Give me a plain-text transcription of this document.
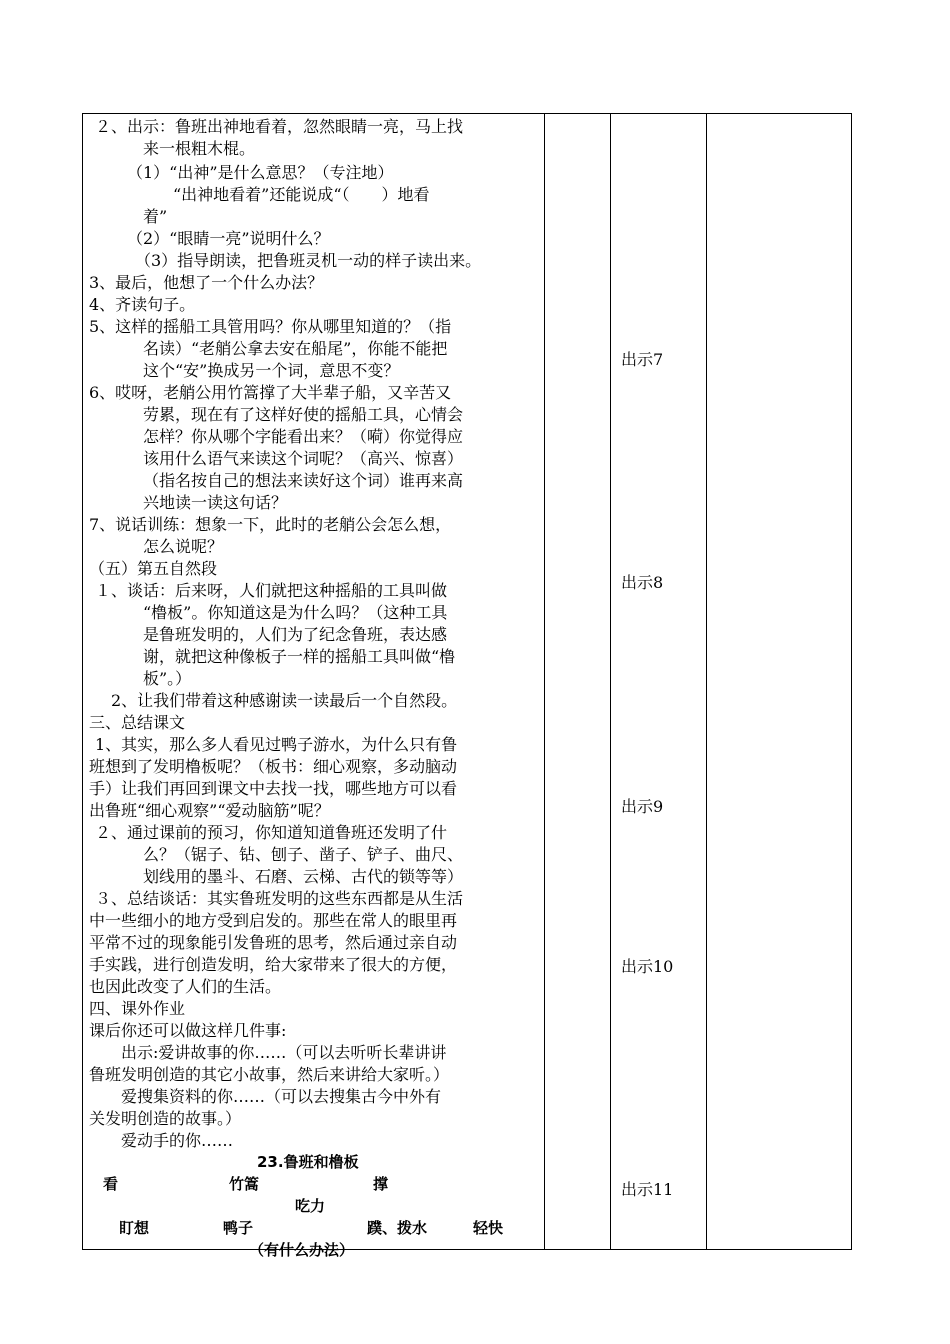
２、出示：鲁班出神地看着，忽然眼睛一亮，马上找
来一根粗木棍。
（1）“出神”是什么意思？（专注地）
“出神地看着”还能说成“（　　）地看
着”
（2）“眼睛一亮”说明什么？
（3）指导朗读，把鲁班灵机一动的样子读出来。
3、最后，他想了一个什么办法？
4、齐读句子。
5、这样的摇船工具管用吗？你从哪里知道的？（指
名读）“老艄公拿去安在船尾”，你能不能把
这个“安”换成另一个词，意思不变？
6、哎呀，老艄公用竹篙撑了大半辈子船，又辛苦又
劳累，现在有了这样好使的摇船工具，心情会
怎样？你从哪个字能看出来？（嗬）你觉得应
该用什么语气来读这个词呢？（高兴、惊喜）
（指名按自己的想法来读好这个词）谁再来高
兴地读一读这句话？
7、说话训练：想象一下，此时的老艄公会怎么想，
怎么说呢？
（五）第五自然段
１、谈话：后来呀，人们就把这种摇船的工具叫做
“橹板”。你知道这是为什么吗？（这种工具
是鲁班发明的，人们为了纪念鲁班，表达感
谢，就把这种像板子一样的摇船工具叫做“橹
板”。）
2、让我们带着这种感谢读一读最后一个自然段。
三、总结课文
1、其实，那么多人看见过鸭子游水，为什么只有鲁
班想到了发明橹板呢？（板书：细心观察，多动脑动
手）让我们再回到课文中去找一找，哪些地方可以看
出鲁班“细心观察”“爱动脑筋”呢？
２、通过课前的预习，你知道知道鲁班还发明了什
么？（锯子、钻、刨子、凿子、铲子、曲尺、
划线用的墨斗、石磨、云梯、古代的锁等等）
３、总结谈话：其实鲁班发明的这些东西都是从生活
中一些细小的地方受到启发的。那些在常人的眼里再
平常不过的现象能引发鲁班的思考，然后通过亲自动
手实践，进行创造发明，给大家带来了很大的方便，
也因此改变了人们的生活。
四、课外作业
课后你还可以做这样几件事:
出示:爱讲故事的你……（可以去听听长辈讲讲
鲁班发明创造的其它小故事，然后来讲给大家听。）
爱搜集资料的你……（可以去搜集古今中外有
关发明创造的故事。）
爱动手的你……
23.鲁班和橹板
看	竹篙	撑
吃力
盯想	鸭子	蹼、拨水	轻快
（有什么办法）
出示7
出示8
出示9
出示10
出示11
